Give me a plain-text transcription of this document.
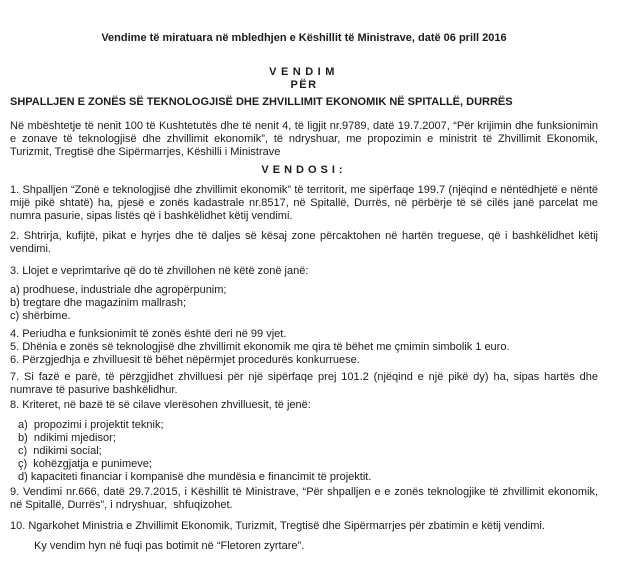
Vendime të miratuara në mbledhjen e Këshillit të Ministrave, datë 06 prill 2016
VENDIM
PËR
SHPALLJEN E ZONËS SË TEKNOLOGJISË DHE ZHVILLIMIT EKONOMIK NË SPITALLË, DURRËS
Në mbështetje të nenit 100 të Kushtetutës dhe të nenit 4, të ligjit nr.9789, datë 19.7.2007, “Për krijimin dhe funksionimin e zonave të teknologjisë dhe zhvillimit ekonomik”, të ndryshuar, me propozimin e ministrit të Zhvillimit Ekonomik, Turizmit, Tregtisë dhe Sipërmarrjes, Këshilli i Ministrave
VENDOSI:
1. Shpalljen “Zonë e teknologjisë dhe zhvillimit ekonomik” të territorit, me sipërfaqe 199.7 (njëqind e nëntëdhjetë e nëntë mijë pikë shtatë) ha, pjesë e zonës kadastrale nr.8517, në Spitallë, Durrës, në përbërje të së cilës janë parcelat me numra pasurie, sipas listës që i bashkëlidhet këtij vendimi.
2. Shtrirja, kufijtë, pikat e hyrjes dhe të daljes së kësaj zone përcaktohen në hartën treguese, që i bashkëlidhet këtij vendimi.
3. Llojet e veprimtarive që do të zhvillohen në këtë zonë janë:
a) prodhuese, industriale dhe agropërpunim;
b) tregtare dhe magazinim mallrash;
c) shërbime.
4. Periudha e funksionimit të zonës është deri në 99 vjet.
5. Dhënia e zonës së teknologjisë dhe zhvillimit ekonomik me qira të bëhet me çmimin simbolik 1 euro.
6. Përzgjedhja e zhvilluesit të bëhet nëpërmjet procedurës konkurruese.
7. Si fazë e parë, të përzgjidhet zhvilluesi për një sipërfaqe prej 101.2 (njëqind e një pikë dy) ha, sipas hartës dhe numrave të pasurive bashkëlidhur.
8. Kriteret, në bazë të së cilave vlerësohen zhvilluesit, të jenë:
a)  propozimi i projektit teknik;
b)  ndikimi mjedisor;
c)  ndikimi social;
ç)  kohëzgjatja e punimeve;
d) kapaciteti financiar i kompanisë dhe mundësia e financimit të projektit.
9. Vendimi nr.666, datë 29.7.2015, i Këshillit të Ministrave, “Për shpalljen e e zonës teknologjike të zhvillimit ekonomik, në Spitallë, Durrës”, i ndryshuar,  shfuqizohet.
10. Ngarkohet Ministria e Zhvillimit Ekonomik, Turizmit, Tregtisë dhe Sipërmarrjes për zbatimin e këtij vendimi.
Ky vendim hyn në fuqi pas botimit në “Fletoren zyrtare”.
